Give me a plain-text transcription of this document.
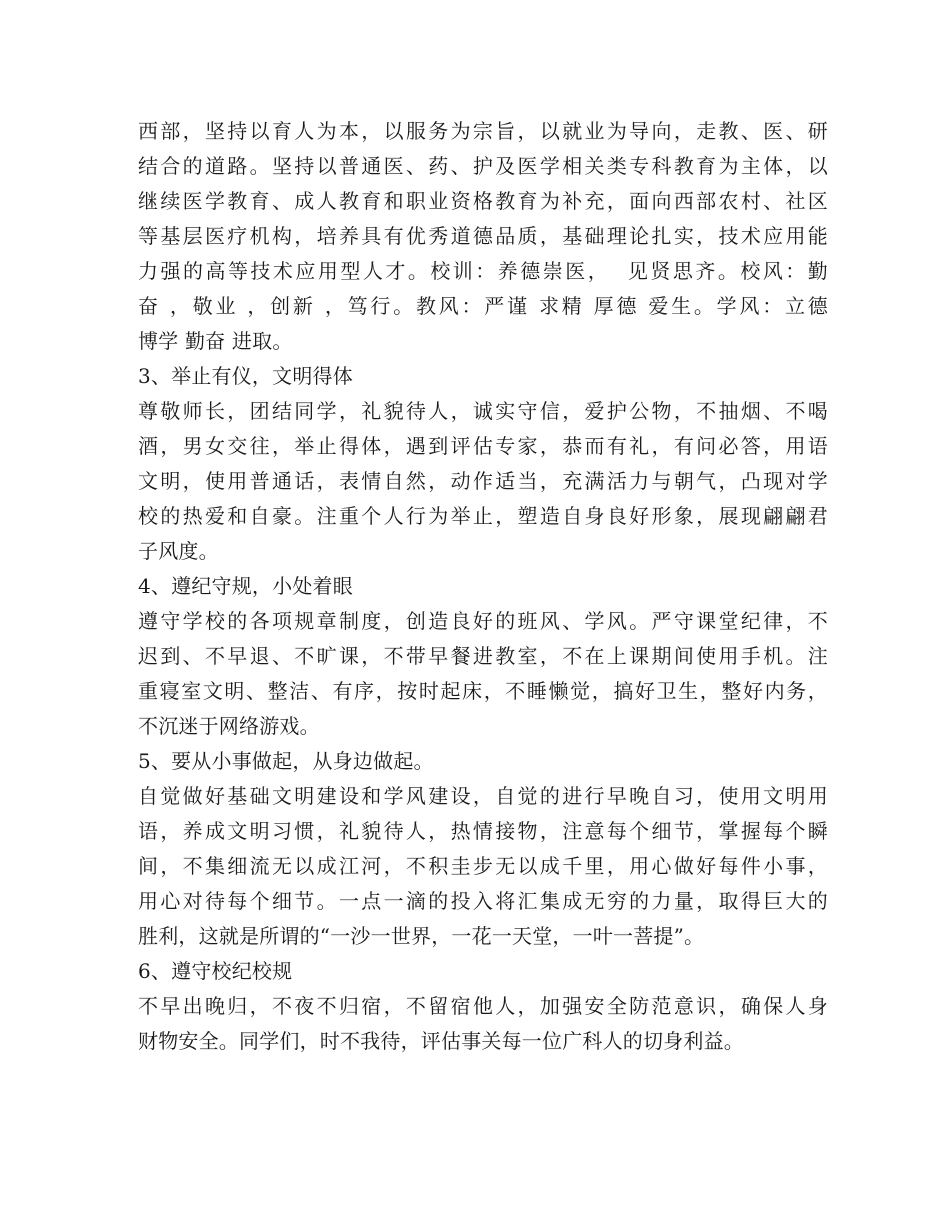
西部，坚持以育人为本，以服务为宗旨，以就业为导向，走教、医、研
结合的道路。坚持以普通医、药、护及医学相关类专科教育为主体，以
继续医学教育、成人教育和职业资格教育为补充，面向西部农村、社区
等基层医疗机构，培养具有优秀道德品质，基础理论扎实，技术应用能
力强的高等技术应用型人才。校训：养德崇医，  见贤思齐。校风：勤
奋 ，敬业 ，创新 ，笃行。教风：严谨 求精 厚德 爱生。学风：立德
博学 勤奋 进取。
3、举止有仪，文明得体
尊敬师长，团结同学，礼貌待人，诚实守信，爱护公物，不抽烟、不喝
酒，男女交往，举止得体，遇到评估专家，恭而有礼，有问必答，用语
文明，使用普通话，表情自然，动作适当，充满活力与朝气，凸现对学
校的热爱和自豪。注重个人行为举止，塑造自身良好形象，展现翩翩君
子风度。
4、遵纪守规，小处着眼
遵守学校的各项规章制度，创造良好的班风、学风。严守课堂纪律，不
迟到、不早退、不旷课，不带早餐进教室，不在上课期间使用手机。注
重寝室文明、整洁、有序，按时起床，不睡懒觉，搞好卫生，整好内务，
不沉迷于网络游戏。
5、要从小事做起，从身边做起。
自觉做好基础文明建设和学风建设，自觉的进行早晚自习，使用文明用
语，养成文明习惯，礼貌待人，热情接物，注意每个细节，掌握每个瞬
间，不集细流无以成江河，不积圭步无以成千里，用心做好每件小事，
用心对待每个细节。一点一滴的投入将汇集成无穷的力量，取得巨大的
胜利，这就是所谓的“一沙一世界，一花一天堂，一叶一菩提”。
6、遵守校纪校规
不早出晚归，不夜不归宿，不留宿他人，加强安全防范意识，确保人身
财物安全。同学们，时不我待，评估事关每一位广科人的切身利益。
